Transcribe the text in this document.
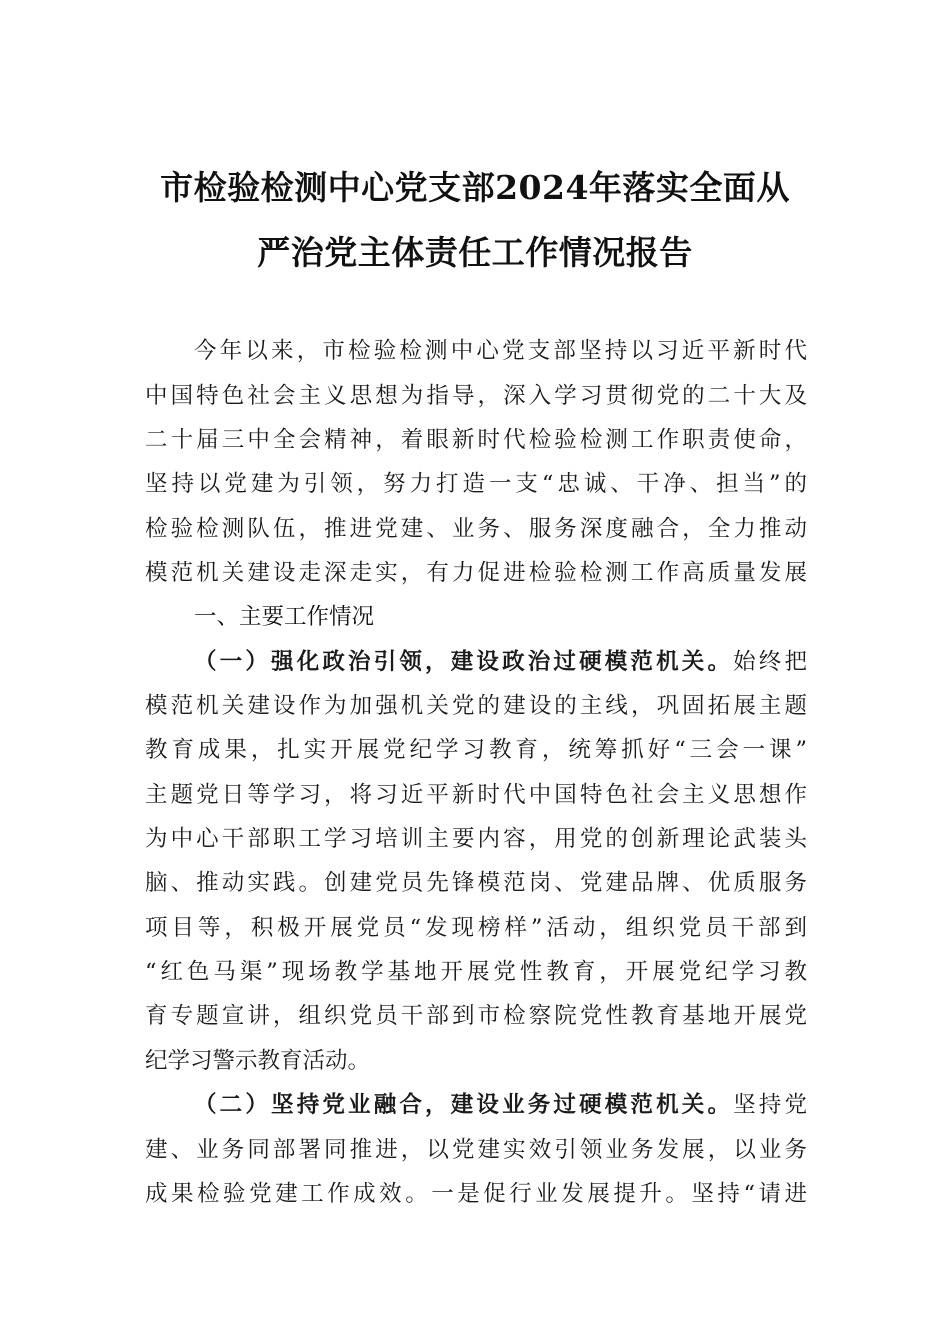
市检验检测中心党支部2024年落实全面从
严治党主体责任工作情况报告
今年以来，市检验检测中心党支部坚持以习近平新时代
中国特色社会主义思想为指导，深入学习贯彻党的二十大及
二十届三中全会精神，着眼新时代检验检测工作职责使命，
坚持以党建为引领，努力打造一支“忠诚、干净、担当”的
检验检测队伍，推进党建、业务、服务深度融合，全力推动
模范机关建设走深走实，有力促进检验检测工作高质量发展
一、主要工作情况
（一）强化政治引领，建设政治过硬模范机关。始终把
模范机关建设作为加强机关党的建设的主线，巩固拓展主题
教育成果，扎实开展党纪学习教育，统筹抓好“三会一课”
主题党日等学习，将习近平新时代中国特色社会主义思想作
为中心干部职工学习培训主要内容，用党的创新理论武装头
脑、推动实践。创建党员先锋模范岗、党建品牌、优质服务
项目等，积极开展党员“发现榜样”活动，组织党员干部到
“红色马渠”现场教学基地开展党性教育，开展党纪学习教
育专题宣讲，组织党员干部到市检察院党性教育基地开展党
纪学习警示教育活动。
（二）坚持党业融合，建设业务过硬模范机关。坚持党
建、业务同部署同推进，以党建实效引领业务发展，以业务
成果检验党建工作成效。一是促行业发展提升。坚持“请进
